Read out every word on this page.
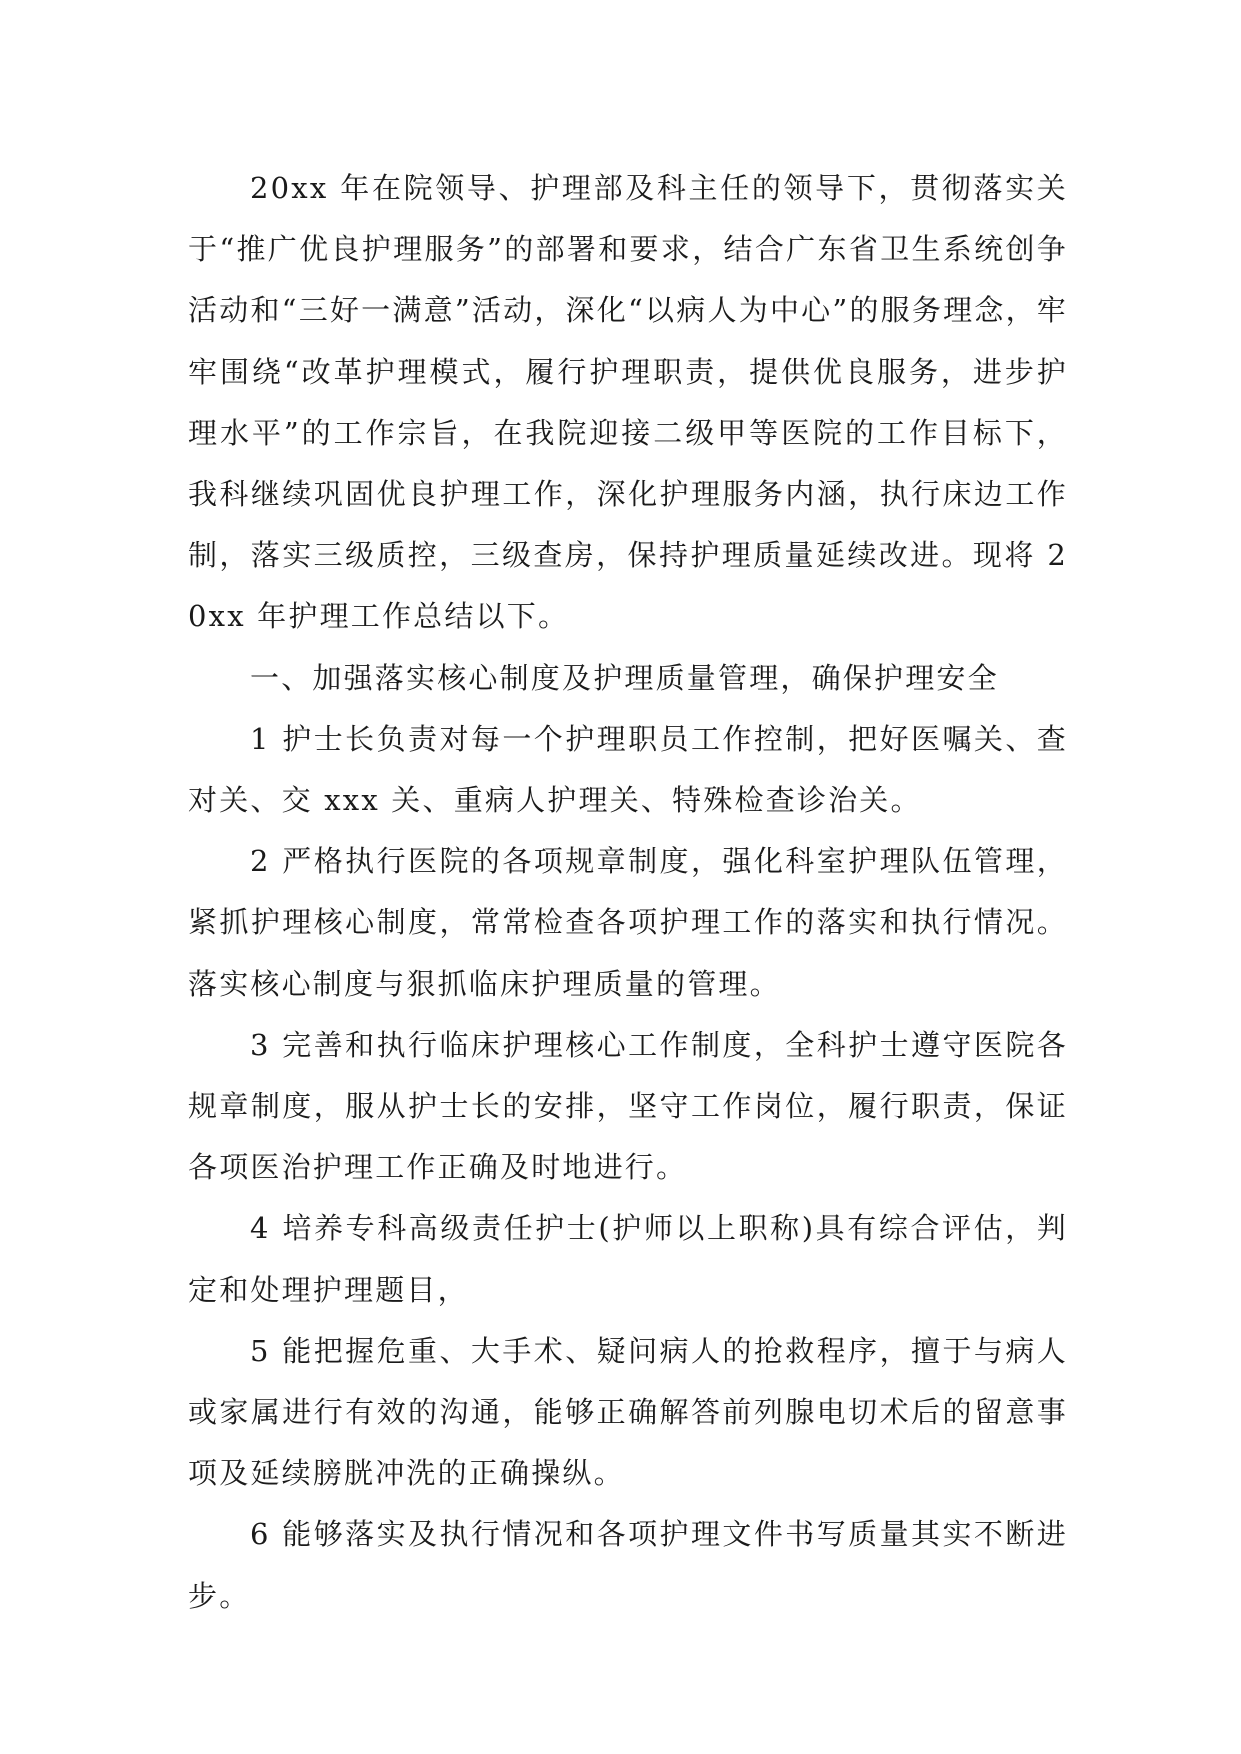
20xx 年在院领导、护理部及科主任的领导下，贯彻落实关于“推广优良护理服务”的部署和要求，结合广东省卫生系统创争活动和“三好一满意”活动，深化“以病人为中心”的服务理念，牢牢围绕“改革护理模式，履行护理职责，提供优良服务，进步护理水平”的工作宗旨，在我院迎接二级甲等医院的工作目标下，我科继续巩固优良护理工作，深化护理服务内涵，执行床边工作制，落实三级质控，三级查房，保持护理质量延续改进。现将 20xx 年护理工作总结以下。

一、加强落实核心制度及护理质量管理，确保护理安全

1 护士长负责对每一个护理职员工作控制，把好医嘱关、查对关、交 xxx 关、重病人护理关、特殊检查诊治关。

2 严格执行医院的各项规章制度，强化科室护理队伍管理，紧抓护理核心制度，常常检查各项护理工作的落实和执行情况。落实核心制度与狠抓临床护理质量的管理。

3 完善和执行临床护理核心工作制度，全科护士遵守医院各规章制度，服从护士长的安排，坚守工作岗位，履行职责，保证各项医治护理工作正确及时地进行。

4 培养专科高级责任护士(护师以上职称)具有综合评估，判定和处理护理题目，

5 能把握危重、大手术、疑问病人的抢救程序，擅于与病人或家属进行有效的沟通，能够正确解答前列腺电切术后的留意事项及延续膀胱冲洗的正确操纵。

6 能够落实及执行情况和各项护理文件书写质量其实不断进步。
